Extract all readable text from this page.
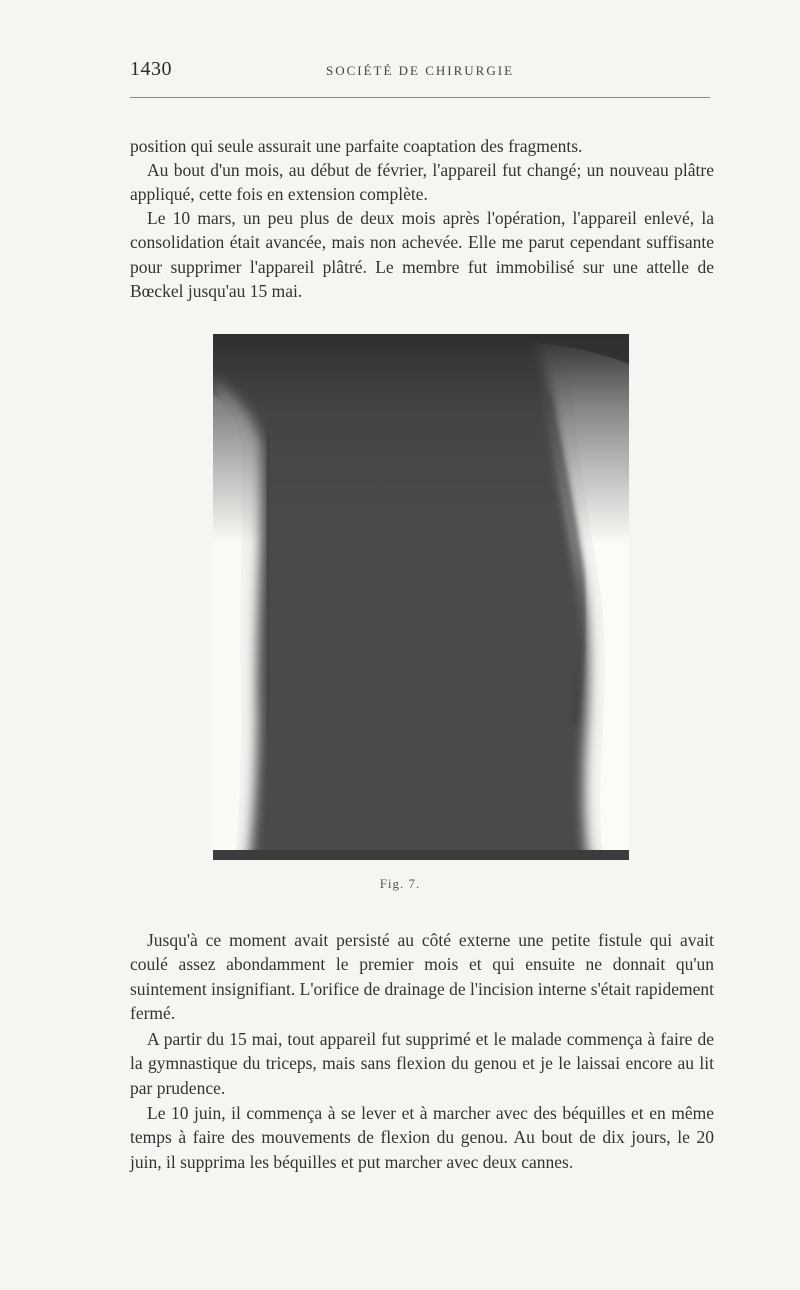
1430	SOCIÉTÉ DE CHIRURGIE

position qui seule assurait une parfaite coaptation des fragments.

Au bout d'un mois, au début de février, l'appareil fut changé; un nouveau plâtre appliqué, cette fois en extension complète.

Le 10 mars, un peu plus de deux mois après l'opération, l'appareil enlevé, la consolidation était avancée, mais non achevée. Elle me parut cependant suffisante pour supprimer l'appareil plâtré. Le membre fut immobilisé sur une attelle de Bœckel jusqu'au 15 mai.

Fig. 7.

Jusqu'à ce moment avait persisté au côté externe une petite fistule qui avait coulé assez abondamment le premier mois et qui ensuite ne donnait qu'un suintement insignifiant. L'orifice de drainage de l'incision interne s'était rapidement fermé.

A partir du 15 mai, tout appareil fut supprimé et le malade commença à faire de la gymnastique du triceps, mais sans flexion du genou et je le laissai encore au lit par prudence.

Le 10 juin, il commença à se lever et à marcher avec des béquilles et en même temps à faire des mouvements de flexion du genou. Au bout de dix jours, le 20 juin, il supprima les béquilles et put marcher avec deux cannes.
